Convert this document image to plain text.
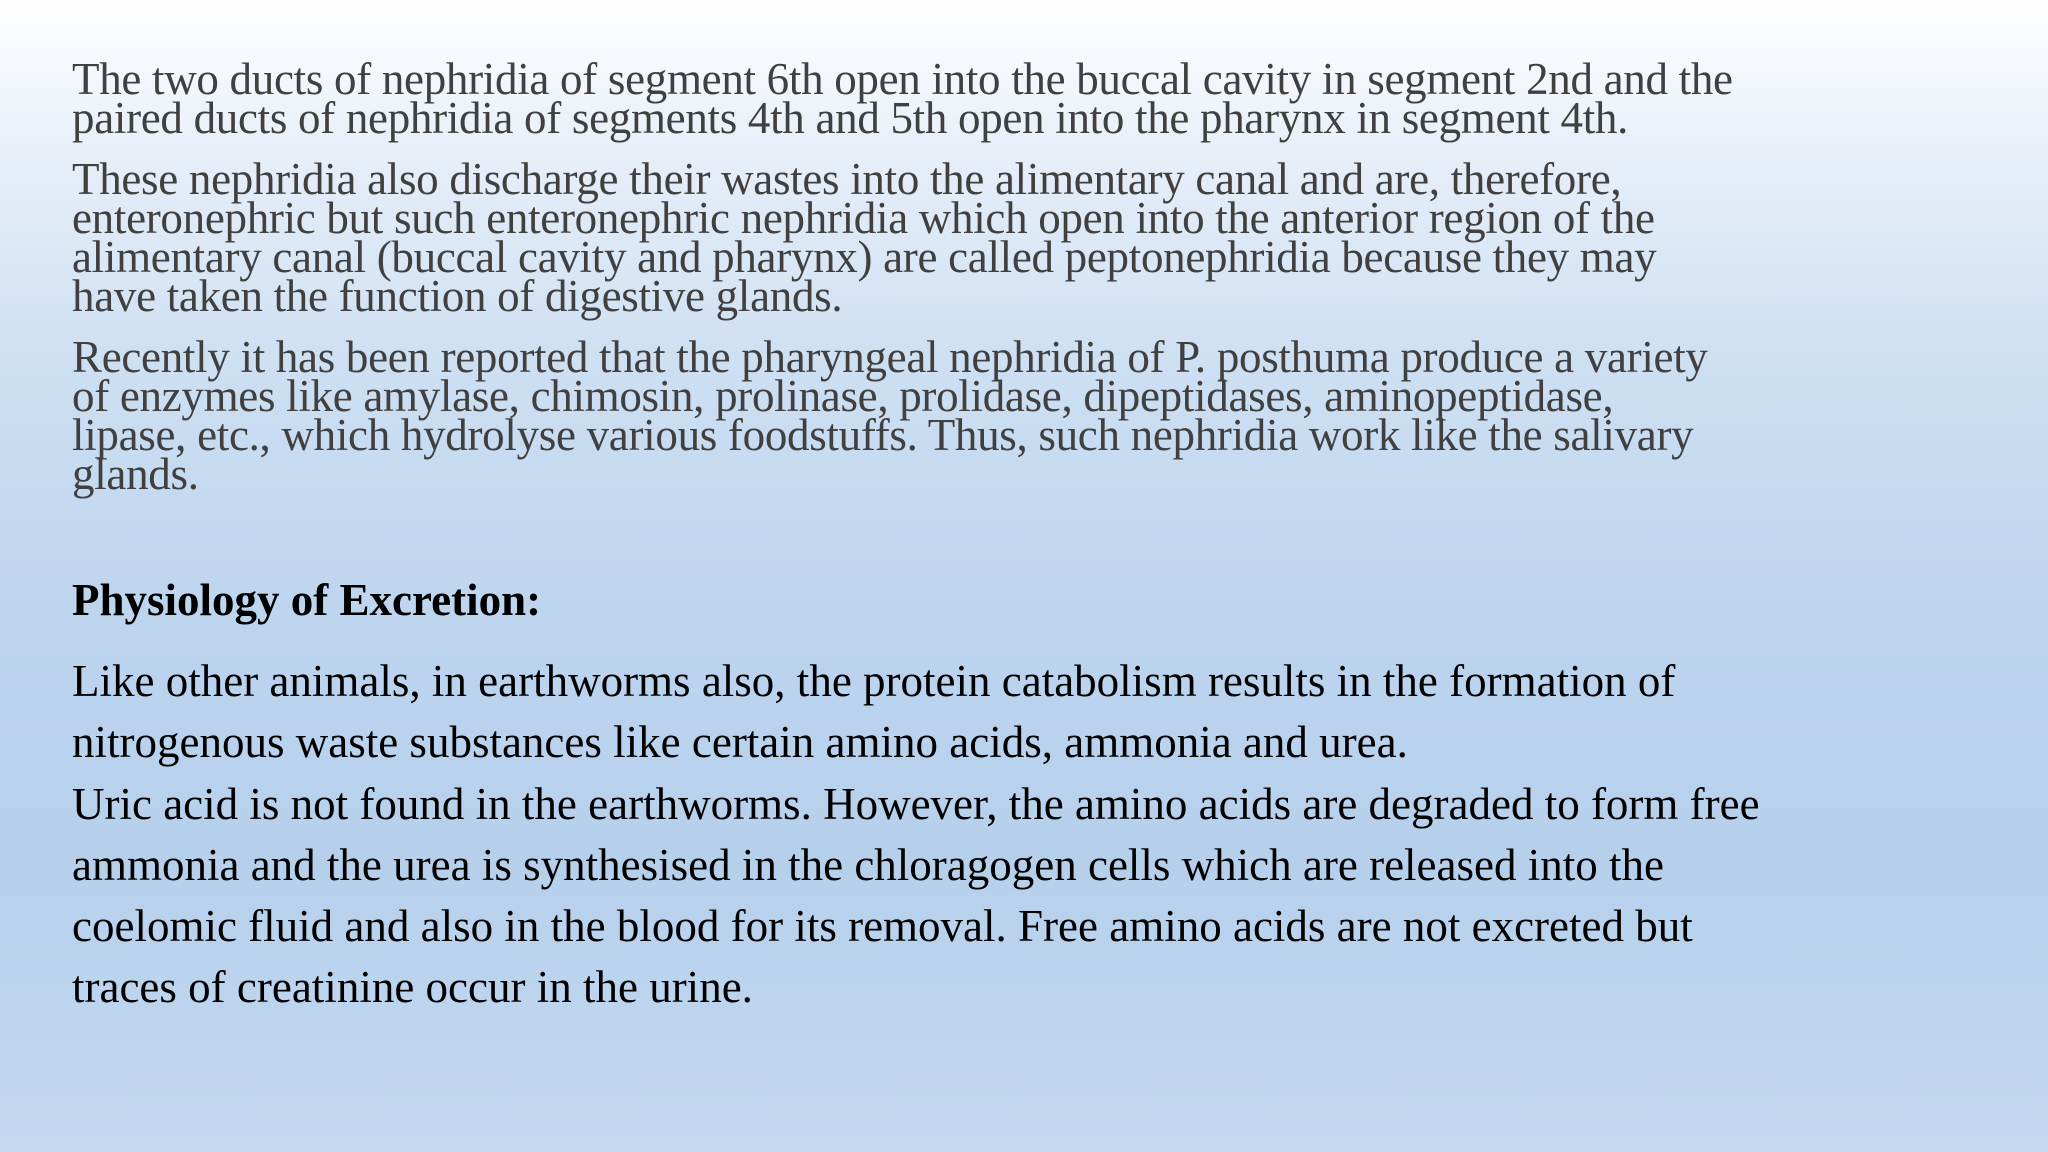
The two ducts of nephridia of segment 6th open into the buccal cavity in segment 2nd and the
paired ducts of nephridia of segments 4th and 5th open into the pharynx in segment 4th.

These nephridia also discharge their wastes into the alimentary canal and are, therefore,
enteronephric but such enteronephric nephridia which open into the anterior region of the
alimentary canal (buccal cavity and pharynx) are called peptonephridia because they may
have taken the function of digestive glands.

Recently it has been reported that the pharyngeal nephridia of P. posthuma produce a variety
of enzymes like amylase, chimosin, prolinase, prolidase, dipeptidases, aminopeptidase,
lipase, etc., which hydrolyse various foodstuffs. Thus, such nephridia work like the salivary
glands.

Physiology of Excretion:

Like other animals, in earthworms also, the protein catabolism results in the formation of
nitrogenous waste substances like certain amino acids, ammonia and urea.
Uric acid is not found in the earthworms. However, the amino acids are degraded to form free
ammonia and the urea is synthesised in the chloragogen cells which are released into the
coelomic fluid and also in the blood for its removal. Free amino acids are not excreted but
traces of creatinine occur in the urine.
